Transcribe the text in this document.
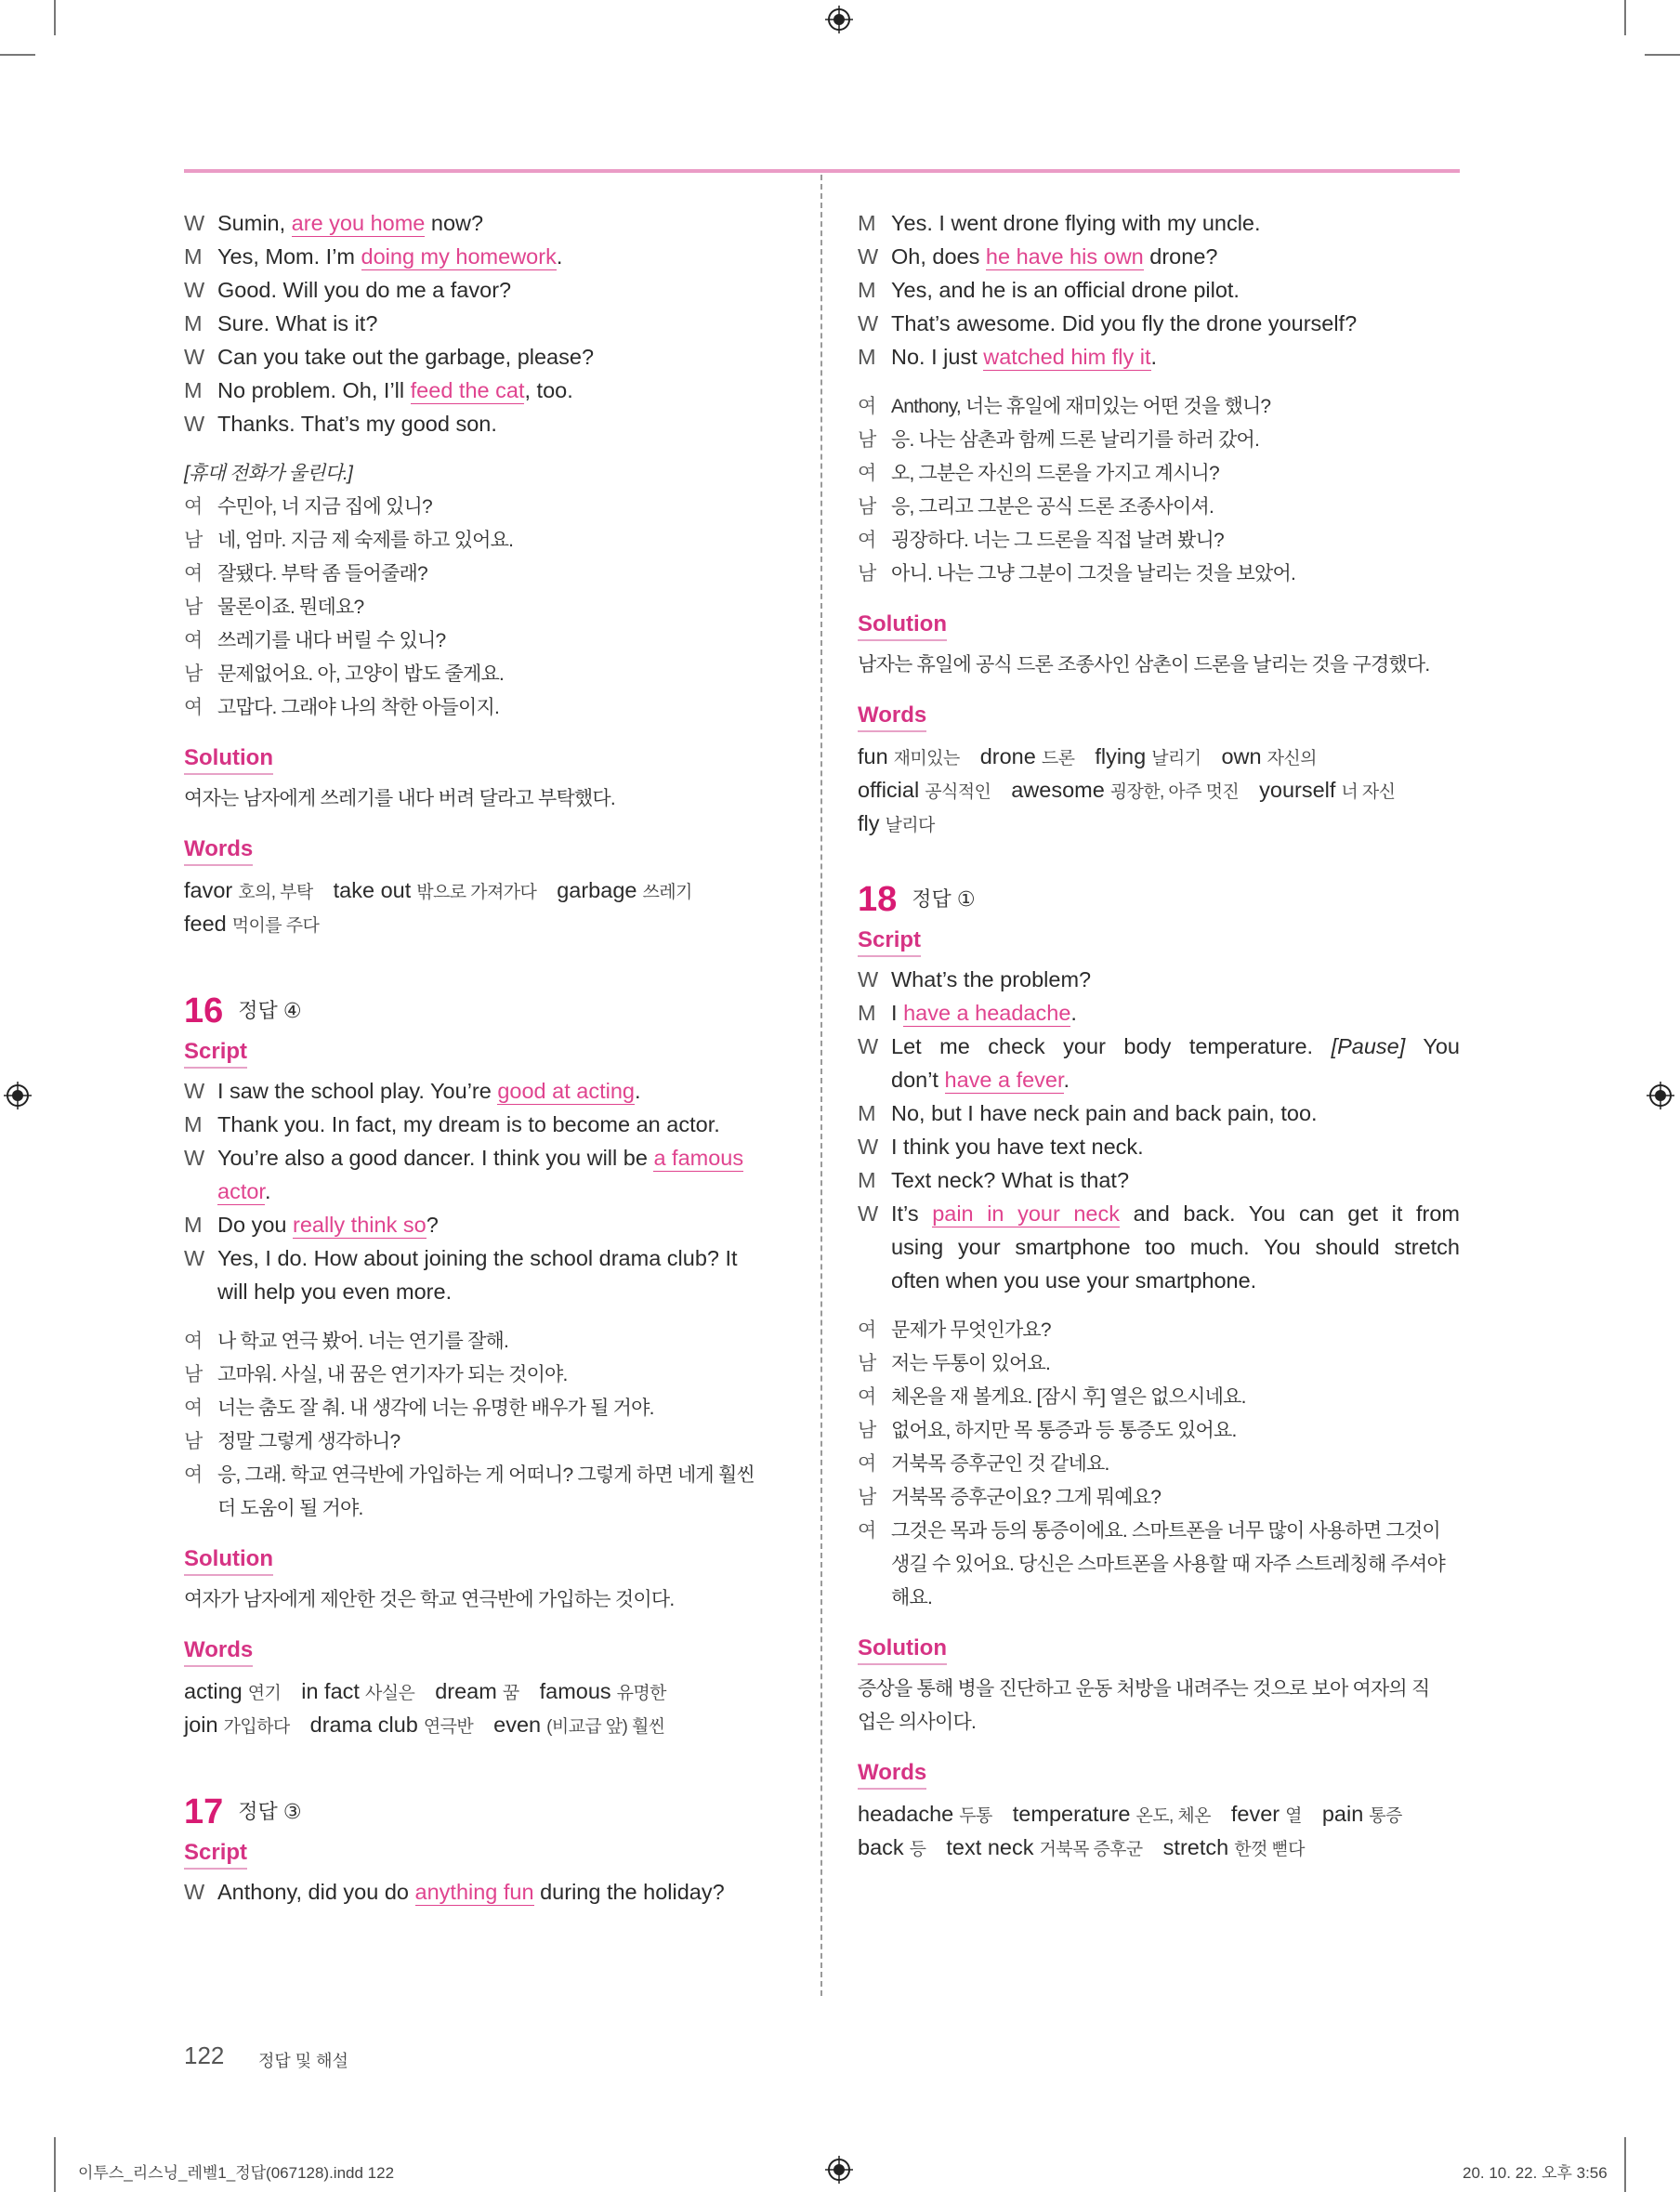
W Sumin, are you home now?
M Yes, Mom. I’m doing my homework.
W Good. Will you do me a favor?
M Sure. What is it?
W Can you take out the garbage, please?
M No problem. Oh, I’ll feed the cat, too.
W Thanks. That’s my good son.
[휴대 전화가 울린다.]
여 수민아, 너 지금 집에 있니?
남 네, 엄마. 지금 제 숙제를 하고 있어요.
여 잘됐다. 부탁 좀 들어줄래?
남 물론이죠. 뭔데요?
여 쓰레기를 내다 버릴 수 있니?
남 문제없어요. 아, 고양이 밥도 줄게요.
여 고맙다. 그래야 나의 착한 아들이지.
Solution
여자는 남자에게 쓰레기를 내다 버려 달라고 부탁했다.
Words
favor 호의, 부탁 take out 밖으로 가져가다 garbage 쓰레기
feed 먹이를 주다
16 정답 ④
Script
W I saw the school play. You’re good at acting.
M Thank you. In fact, my dream is to become an actor.
W You’re also a good dancer. I think you will be a famous
actor.
M Do you really think so?
W Yes, I do. How about joining the school drama club? It
will help you even more.
여 나 학교 연극 봤어. 너는 연기를 잘해.
남 고마워. 사실, 내 꿈은 연기자가 되는 것이야.
여 너는 춤도 잘 춰. 내 생각에 너는 유명한 배우가 될 거야.
남 정말 그렇게 생각하니?
여 응, 그래. 학교 연극반에 가입하는 게 어떠니? 그렇게 하면 네게 훨씬
더 도움이 될 거야.
Solution
여자가 남자에게 제안한 것은 학교 연극반에 가입하는 것이다.
Words
acting 연기 in fact 사실은 dream 꿈 famous 유명한
join 가입하다 drama club 연극반 even (비교급 앞) 훨씬
17 정답 ③
Script
W Anthony, did you do anything fun during the holiday?
M Yes. I went drone flying with my uncle.
W Oh, does he have his own drone?
M Yes, and he is an official drone pilot.
W That’s awesome. Did you fly the drone yourself?
M No. I just watched him fly it.
여 Anthony, 너는 휴일에 재미있는 어떤 것을 했니?
남 응. 나는 삼촌과 함께 드론 날리기를 하러 갔어.
여 오, 그분은 자신의 드론을 가지고 계시니?
남 응, 그리고 그분은 공식 드론 조종사이셔.
여 굉장하다. 너는 그 드론을 직접 날려 봤니?
남 아니. 나는 그냥 그분이 그것을 날리는 것을 보았어.
Solution
남자는 휴일에 공식 드론 조종사인 삼촌이 드론을 날리는 것을 구경했다.
Words
fun 재미있는 drone 드론 flying 날리기 own 자신의
official 공식적인 awesome 굉장한, 아주 멋진 yourself 너 자신
fly 날리다
18 정답 ①
Script
W What’s the problem?
M I have a headache.
W Let me check your body temperature. [Pause] You
don’t have a fever.
M No, but I have neck pain and back pain, too.
W I think you have text neck.
M Text neck? What is that?
W It’s pain in your neck and back. You can get it from
using your smartphone too much. You should stretch
often when you use your smartphone.
여 문제가 무엇인가요?
남 저는 두통이 있어요.
여 체온을 재 볼게요. [잠시 후] 열은 없으시네요.
남 없어요, 하지만 목 통증과 등 통증도 있어요.
여 거북목 증후군인 것 같네요.
남 거북목 증후군이요? 그게 뭐예요?
여 그것은 목과 등의 통증이에요. 스마트폰을 너무 많이 사용하면 그것이
생길 수 있어요. 당신은 스마트폰을 사용할 때 자주 스트레칭해 주셔야
해요.
Solution
증상을 통해 병을 진단하고 운동 처방을 내려주는 것으로 보아 여자의 직
업은 의사이다.
Words
headache 두통 temperature 온도, 체온 fever 열 pain 통증
back 등 text neck 거북목 증후군 stretch 한껏 뻗다
122 정답 및 해설
이투스_리스닝_레벨1_정답(067128).indd 122	20. 10. 22. 오후 3:56
